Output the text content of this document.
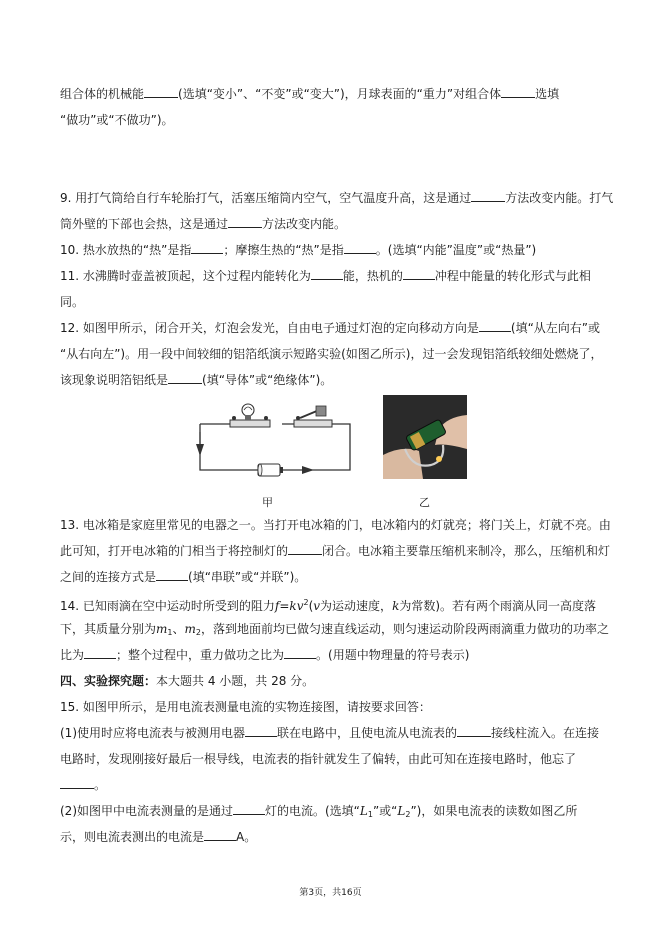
组合体的机械能	(选填“变小”、“不变”或“变大”)，月球表面的“重力”对组合体	选填
“做功”或“不做功”)。
9. 用打气筒给自行车轮胎打气，活塞压缩筒内空气，空气温度升高，这是通过	方法改变内能。打气
筒外壁的下部也会热，这是通过	方法改变内能。
10. 热水放热的“热”是指	；摩擦生热的“热”是指	。(选填“内能”温度”或“热量”)
11. 水沸腾时壶盖被顶起，这个过程内能转化为	能，热机的	冲程中能量的转化形式与此相
同。
12. 如图甲所示，闭合开关，灯泡会发光，自由电子通过灯泡的定向移动方向是	(填“从左向右”或
“从右向左”)。用一段中间较细的铝箔纸演示短路实验(如图乙所示)，过一会发现铝箔纸较细处燃烧了，
该现象说明箔铝纸是	(填“导体”或“绝缘体”)。
甲	乙
13. 电冰箱是家庭里常见的电器之一。当打开电冰箱的门，电冰箱内的灯就亮；将门关上，灯就不亮。由
此可知，打开电冰箱的门相当于将控制灯的	闭合。电冰箱主要靠压缩机来制冷，那么，压缩机和灯
之间的连接方式是	(填“串联”或“并联”)。
14. 已知雨滴在空中运动时所受到的阻力$f=kv^2(v$为运动速度，k为常数)。若有两个雨滴从同一高度落
下，其质量分别为$m_1$、$m_2$，落到地面前均已做匀速直线运动，则匀速运动阶段两雨滴重力做功的功率之
比为	；整个过程中，重力做功之比为	。(用题中物理量的符号表示)
四、实验探究题：本大题共 4 小题，共 28 分。
15. 如图甲所示，是用电流表测量电流的实物连接图，请按要求回答：
(1)使用时应将电流表与被测用电器	联在电路中，且使电流从电流表的	接线柱流入。在连接
电路时，发现刚接好最后一根导线，电流表的指针就发生了偏转，由此可知在连接电路时，他忘了
。
(2)如图甲中电流表测量的是通过	灯的电流。(选填“$L_1$”或“$L_2$”)，如果电流表的读数如图乙所
示，则电流表测出的电流是	A。
第3页，共16页
